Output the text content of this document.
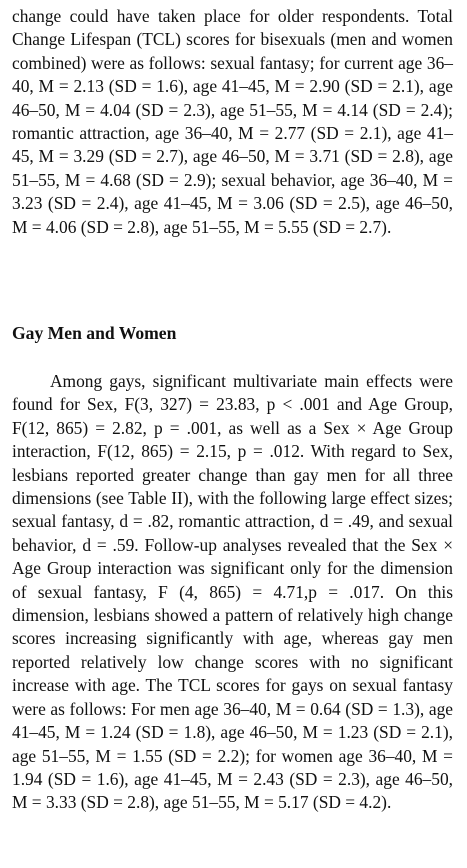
change could have taken place for older respondents. Total Change Lifespan (TCL) scores for bisexuals (men and women combined) were as follows: sexual fantasy; for current age 36–40, M = 2.13 (SD = 1.6), age 41–45, M = 2.90 (SD = 2.1), age 46–50, M = 4.04 (SD = 2.3), age 51–55, M = 4.14 (SD = 2.4); romantic attraction, age 36–40, M = 2.77 (SD = 2.1), age 41–45, M = 3.29 (SD = 2.7), age 46–50, M = 3.71 (SD = 2.8), age 51–55, M = 4.68 (SD = 2.9); sexual behavior, age 36–40, M = 3.23 (SD = 2.4), age 41–45, M = 3.06 (SD = 2.5), age 46–50, M = 4.06 (SD = 2.8), age 51–55, M = 5.55 (SD = 2.7).

Gay Men and Women

Among gays, significant multivariate main effects were found for Sex, F(3, 327) = 23.83, p < .001 and Age Group, F(12, 865) = 2.82, p = .001, as well as a Sex × Age Group interaction, F(12, 865) = 2.15, p = .012. With regard to Sex, lesbians reported greater change than gay men for all three dimensions (see Table II), with the following large effect sizes; sexual fantasy, d = .82, romantic attraction, d = .49, and sexual behavior, d = .59. Follow-up analyses revealed that the Sex × Age Group interaction was significant only for the dimension of sexual fantasy, F (4, 865) = 4.71,p = .017. On this dimension, lesbians showed a pattern of relatively high change scores increasing significantly with age, whereas gay men reported relatively low change scores with no significant increase with age. The TCL scores for gays on sexual fantasy were as follows: For men age 36–40, M = 0.64 (SD = 1.3), age 41–45, M = 1.24 (SD = 1.8), age 46–50, M = 1.23 (SD = 2.1), age 51–55, M = 1.55 (SD = 2.2); for women age 36–40, M = 1.94 (SD = 1.6), age 41–45, M = 2.43 (SD = 2.3), age 46–50, M = 3.33 (SD = 2.8), age 51–55, M = 5.17 (SD = 4.2).
